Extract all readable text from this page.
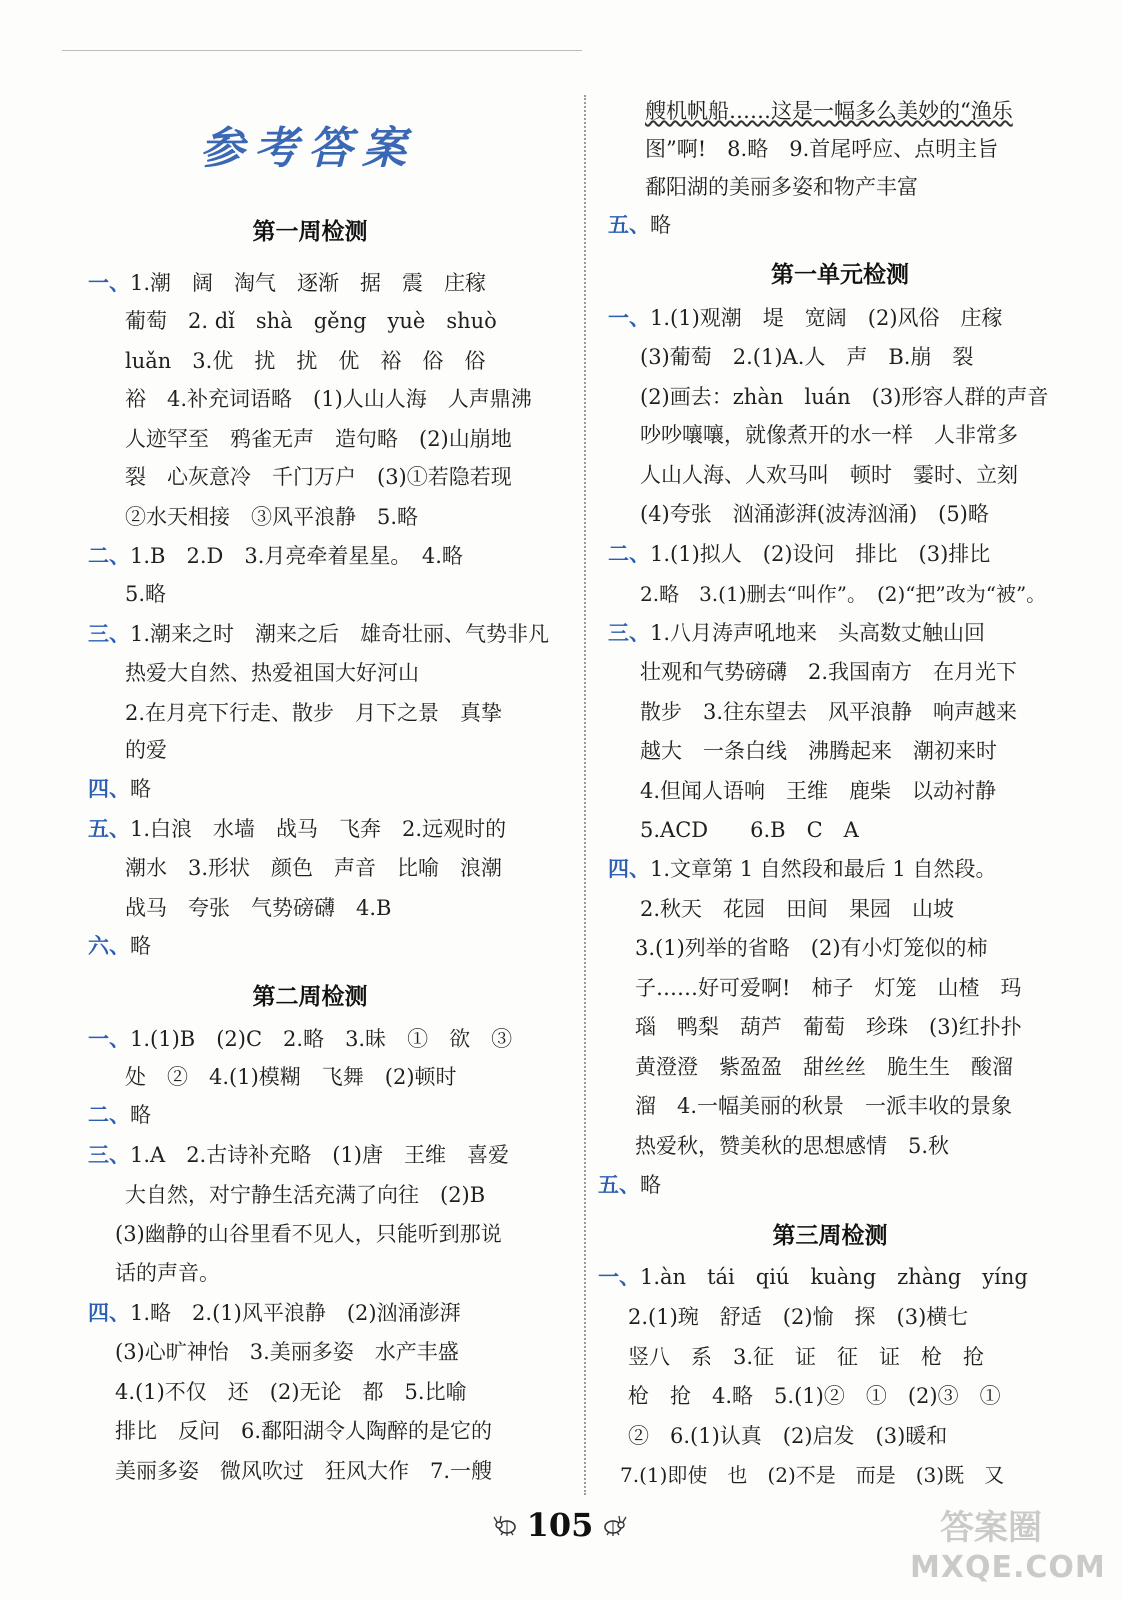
参考答案
第一周检测
一、1.潮　阔　淘气　逐渐　据　震　庄稼
葡萄　2. dǐ　shà　gěng　yuè　shuò
luǎn　3.优　扰　扰　优　裕　俗　俗
裕　4.补充词语略　(1)人山人海　人声鼎沸
人迹罕至　鸦雀无声　造句略　(2)山崩地
裂　心灰意冷　千门万户　(3)①若隐若现
②水天相接　③风平浪静　5.略
二、1.B　2.D　3.月亮牵着星星。　4.略
5.略
三、1.潮来之时　潮来之后　雄奇壮丽、气势非凡
热爱大自然、热爱祖国大好河山
2.在月亮下行走、散步　月下之景　真挚
的爱
四、略
五、1.白浪　水墙　战马　飞奔　2.远观时的
潮水　3.形状　颜色　声音　比喻　浪潮
战马　夸张　气势磅礴　4.B
六、略
第二周检测
一、1.(1)B　(2)C　2.略　3.昧　①　欲　③
处　②　4.(1)模糊　飞舞　(2)顿时
二、略
三、1.A　2.古诗补充略　(1)唐　王维　喜爱
大自然，对宁静生活充满了向往　(2)B
(3)幽静的山谷里看不见人，只能听到那说
话的声音。
四、1.略　2.(1)风平浪静　(2)汹涌澎湃
(3)心旷神怡　3.美丽多姿　水产丰盛
4.(1)不仅　还　(2)无论　都　5.比喻
排比　反问　6.鄱阳湖令人陶醉的是它的
美丽多姿　微风吹过　狂风大作　7.一艘
艘机帆船……这是一幅多么美妙的“渔乐
图”啊!　8.略　9.首尾呼应、点明主旨
鄱阳湖的美丽多姿和物产丰富
五、略
第一单元检测
一、1.(1)观潮　堤　宽阔　(2)风俗　庄稼
(3)葡萄　2.(1)A.人　声　B.崩　裂
(2)画去：zhàn　luán　(3)形容人群的声音
吵吵嚷嚷，就像煮开的水一样　人非常多
人山人海、人欢马叫　顿时　霎时、立刻
(4)夸张　汹涌澎湃(波涛汹涌)　(5)略
二、1.(1)拟人　(2)设问　排比　(3)排比
2.略　3.(1)删去“叫作”。　(2)“把”改为“被”。
三、1.八月涛声吼地来　头高数丈触山回
壮观和气势磅礴　2.我国南方　在月光下
散步　3.往东望去　风平浪静　响声越来
越大　一条白线　沸腾起来　潮初来时
4.但闻人语响　王维　鹿柴　以动衬静
5.ACD　　6.B　C　A
四、1.文章第 1 自然段和最后 1 自然段。
2.秋天　花园　田间　果园　山坡
3.(1)列举的省略　(2)有小灯笼似的柿
子……好可爱啊!　柿子　灯笼　山楂　玛
瑙　鸭梨　葫芦　葡萄　珍珠　(3)红扑扑
黄澄澄　紫盈盈　甜丝丝　脆生生　酸溜
溜　4.一幅美丽的秋景　一派丰收的景象
热爱秋，赞美秋的思想感情　5.秋
五、略
第三周检测
一、1.àn　tái　qiú　kuàng　zhàng　yíng
2.(1)琬　舒适　(2)愉　探　(3)横七
竖八　系　3.征　证　征　证　枪　抢
枪　抢　4.略　5.(1)②　①　(2)③　①
②　6.(1)认真　(2)启发　(3)暖和
7.(1)即使　也　(2)不是　而是　(3)既　又
105	答案圈
MXQE.COM
